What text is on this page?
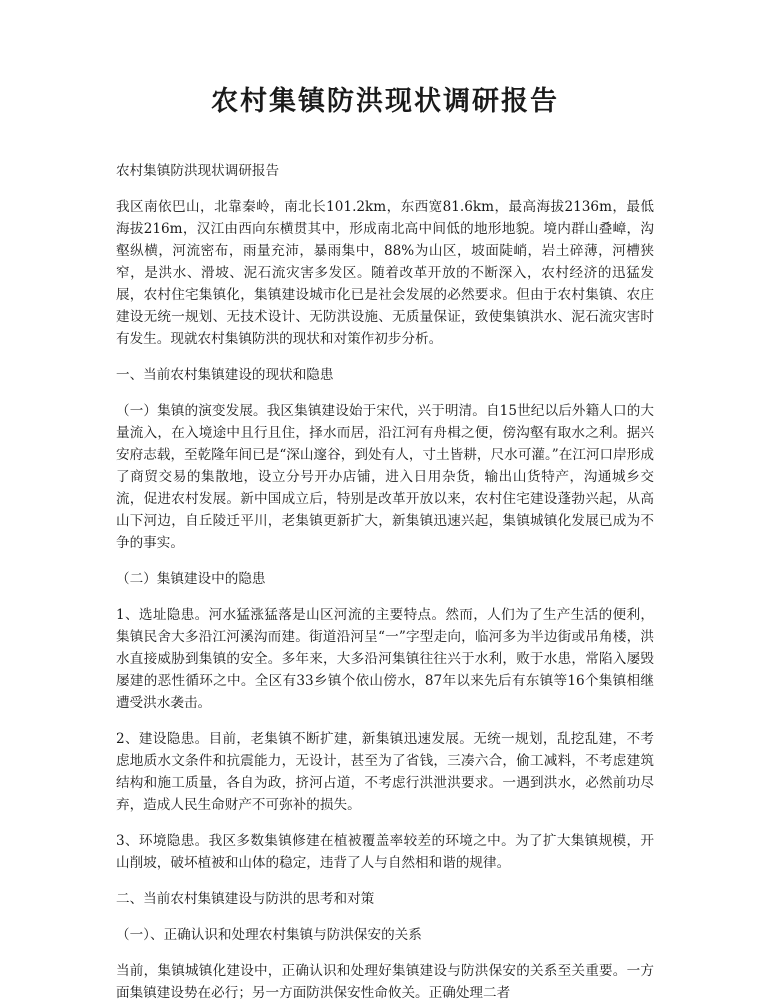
农村集镇防洪现状调研报告

农村集镇防洪现状调研报告

我区南依巴山，北靠秦岭，南北长101.2km，东西宽81.6km，最高海拔2136m，最低海拔216m，汉江由西向东横贯其中，形成南北高中间低的地形地貌。境内群山叠嶂，沟壑纵横，河流密布，雨量充沛，暴雨集中，88%为山区，坡面陡峭，岩土碎薄，河槽狭窄，是洪水、滑坡、泥石流灾害多发区。随着改革开放的不断深入，农村经济的迅猛发展，农村住宅集镇化，集镇建设城市化已是社会发展的必然要求。但由于农村集镇、农庄建设无统一规划、无技术设计、无防洪设施、无质量保证，致使集镇洪水、泥石流灾害时有发生。现就农村集镇防洪的现状和对策作初步分析。

一、当前农村集镇建设的现状和隐患

（一）集镇的演变发展。我区集镇建设始于宋代，兴于明清。自15世纪以后外籍人口的大量流入，在入境途中且行且住，择水而居，沿江河有舟楫之便，傍沟壑有取水之利。据兴安府志载，至乾隆年间已是“深山邃谷，到处有人，寸土皆耕，尺水可灌。”在江河口岸形成了商贸交易的集散地，设立分号开办店铺，进入日用杂货，输出山货特产，沟通城乡交流，促进农村发展。新中国成立后，特别是改革开放以来，农村住宅建设蓬勃兴起，从高山下河边，自丘陵迁平川，老集镇更新扩大，新集镇迅速兴起，集镇城镇化发展已成为不争的事实。

（二）集镇建设中的隐患

1、选址隐患。河水猛涨猛落是山区河流的主要特点。然而，人们为了生产生活的便利，集镇民舍大多沿江河溪沟而建。街道沿河呈“一”字型走向，临河多为半边街或吊角楼，洪水直接威胁到集镇的安全。多年来，大多沿河集镇往往兴于水利，败于水患，常陷入屡毁屡建的恶性循环之中。全区有33乡镇个依山傍水，87年以来先后有东镇等16个集镇相继遭受洪水袭击。

2、建设隐患。目前，老集镇不断扩建，新集镇迅速发展。无统一规划，乱挖乱建，不考虑地质水文条件和抗震能力，无设计，甚至为了省钱，三凑六合，偷工减料，不考虑建筑结构和施工质量，各自为政，挤河占道，不考虑行洪泄洪要求。一遇到洪水，必然前功尽弃，造成人民生命财产不可弥补的损失。

3、环境隐患。我区多数集镇修建在植被覆盖率较差的环境之中。为了扩大集镇规模，开山削坡，破坏植被和山体的稳定，违背了人与自然相和谐的规律。

二、当前农村集镇建设与防洪的思考和对策

（一）、正确认识和处理农村集镇与防洪保安的关系

当前，集镇城镇化建设中，正确认识和处理好集镇建设与防洪保安的关系至关重要。一方面集镇建设势在必行；另一方面防洪保安性命攸关。正确处理二者
